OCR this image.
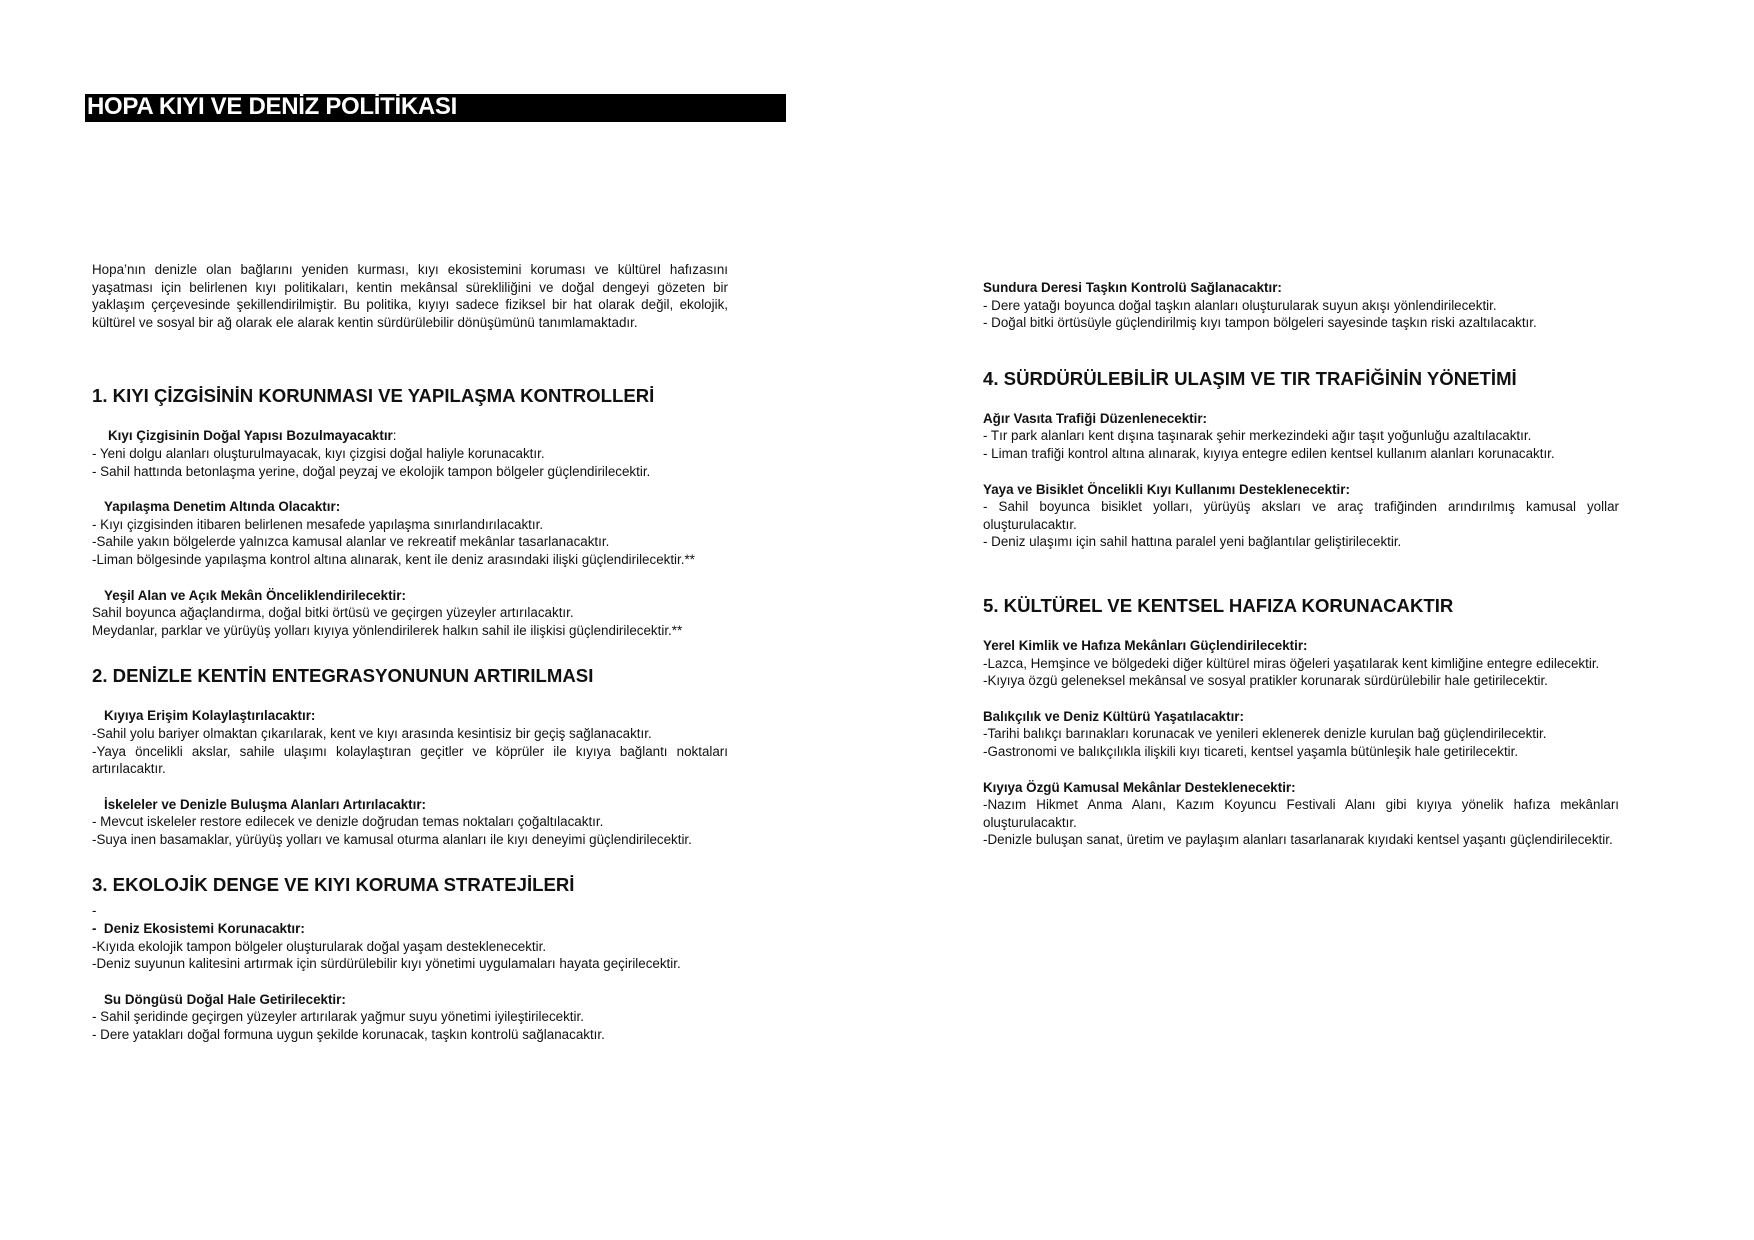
HOPA KIYI VE DENİZ POLİTİKASI

Hopa’nın denizle olan bağlarını yeniden kurması, kıyı ekosistemini koruması ve kültürel hafızasını yaşatması için belirlenen kıyı politikaları, kentin mekânsal sürekliliğini ve doğal dengeyi gözeten bir yaklaşım çerçevesinde şekillendirilmiştir. Bu politika, kıyıyı sadece fiziksel bir hat olarak değil, ekolojik, kültürel ve sosyal bir ağ olarak ele alarak kentin sürdürülebilir dönüşümünü tanımlamaktadır.

1. KIYI ÇİZGİSİNİN KORUNMASI VE YAPILAŞMA KONTROLLERİ

Kıyı Çizgisinin Doğal Yapısı Bozulmayacaktır:

- Yeni dolgu alanları oluşturulmayacak, kıyı çizgisi doğal haliyle korunacaktır.

- Sahil hattında betonlaşma yerine, doğal peyzaj ve ekolojik tampon bölgeler güçlendirilecektir.

Yapılaşma Denetim Altında Olacaktır:

- Kıyı çizgisinden itibaren belirlenen mesafede yapılaşma sınırlandırılacaktır.

-Sahile yakın bölgelerde yalnızca kamusal alanlar ve rekreatif mekânlar tasarlanacaktır.

-Liman bölgesinde yapılaşma kontrol altına alınarak, kent ile deniz arasındaki ilişki güçlendirilecektir.**

Yeşil Alan ve Açık Mekân Önceliklendirilecektir:

Sahil boyunca ağaçlandırma, doğal bitki örtüsü ve geçirgen yüzeyler artırılacaktır.

Meydanlar, parklar ve yürüyüş yolları kıyıya yönlendirilerek halkın sahil ile ilişkisi güçlendirilecektir.**

2. DENİZLE KENTİN ENTEGRASYONUNUN ARTIRILMASI

Kıyıya Erişim Kolaylaştırılacaktır:

-Sahil yolu bariyer olmaktan çıkarılarak, kent ve kıyı arasında kesintisiz bir geçiş sağlanacaktır.

-Yaya öncelikli akslar, sahile ulaşımı kolaylaştıran geçitler ve köprüler ile kıyıya bağlantı noktaları artırılacaktır.

İskeleler ve Denizle Buluşma Alanları Artırılacaktır:

- Mevcut iskeleler restore edilecek ve denizle doğrudan temas noktaları çoğaltılacaktır.

-Suya inen basamaklar, yürüyüş yolları ve kamusal oturma alanları ile kıyı deneyimi güçlendirilecektir.

3. EKOLOJİK DENGE VE KIYI KORUMA STRATEJİLERİ

-

-  Deniz Ekosistemi Korunacaktır:

-Kıyıda ekolojik tampon bölgeler oluşturularak doğal yaşam desteklenecektir.

-Deniz suyunun kalitesini artırmak için sürdürülebilir kıyı yönetimi uygulamaları hayata geçirilecektir.

Su Döngüsü Doğal Hale Getirilecektir:

- Sahil şeridinde geçirgen yüzeyler artırılarak yağmur suyu yönetimi iyileştirilecektir.

- Dere yatakları doğal formuna uygun şekilde korunacak, taşkın kontrolü sağlanacaktır.

Sundura Deresi Taşkın Kontrolü Sağlanacaktır:

- Dere yatağı boyunca doğal taşkın alanları oluşturularak suyun akışı yönlendirilecektir.

- Doğal bitki örtüsüyle güçlendirilmiş kıyı tampon bölgeleri sayesinde taşkın riski azaltılacaktır.

4. SÜRDÜRÜLEBİLİR ULAŞIM VE TIR TRAFİĞİNİN YÖNETİMİ

Ağır Vasıta Trafiği Düzenlenecektir:

- Tır park alanları kent dışına taşınarak şehir merkezindeki ağır taşıt yoğunluğu azaltılacaktır.

- Liman trafiği kontrol altına alınarak, kıyıya entegre edilen kentsel kullanım alanları korunacaktır.

Yaya ve Bisiklet Öncelikli Kıyı Kullanımı Desteklenecektir:

- Sahil boyunca bisiklet yolları, yürüyüş aksları ve araç trafiğinden arındırılmış kamusal yollar oluşturulacaktır.

- Deniz ulaşımı için sahil hattına paralel yeni bağlantılar geliştirilecektir.

5. KÜLTÜREL VE KENTSEL HAFIZA KORUNACAKTIR

Yerel Kimlik ve Hafıza Mekânları Güçlendirilecektir:

-Lazca, Hemşince ve bölgedeki diğer kültürel miras öğeleri yaşatılarak kent kimliğine entegre edilecektir.

-Kıyıya özgü geleneksel mekânsal ve sosyal pratikler korunarak sürdürülebilir hale getirilecektir.

Balıkçılık ve Deniz Kültürü Yaşatılacaktır:

-Tarihi balıkçı barınakları korunacak ve yenileri eklenerek denizle kurulan bağ güçlendirilecektir.

-Gastronomi ve balıkçılıkla ilişkili kıyı ticareti, kentsel yaşamla bütünleşik hale getirilecektir.

Kıyıya Özgü Kamusal Mekânlar Desteklenecektir:

-Nazım Hikmet Anma Alanı, Kazım Koyuncu Festivali Alanı gibi kıyıya yönelik hafıza mekânları oluşturulacaktır.

-Denizle buluşan sanat, üretim ve paylaşım alanları tasarlanarak kıyıdaki kentsel yaşantı güçlendirilecektir.
